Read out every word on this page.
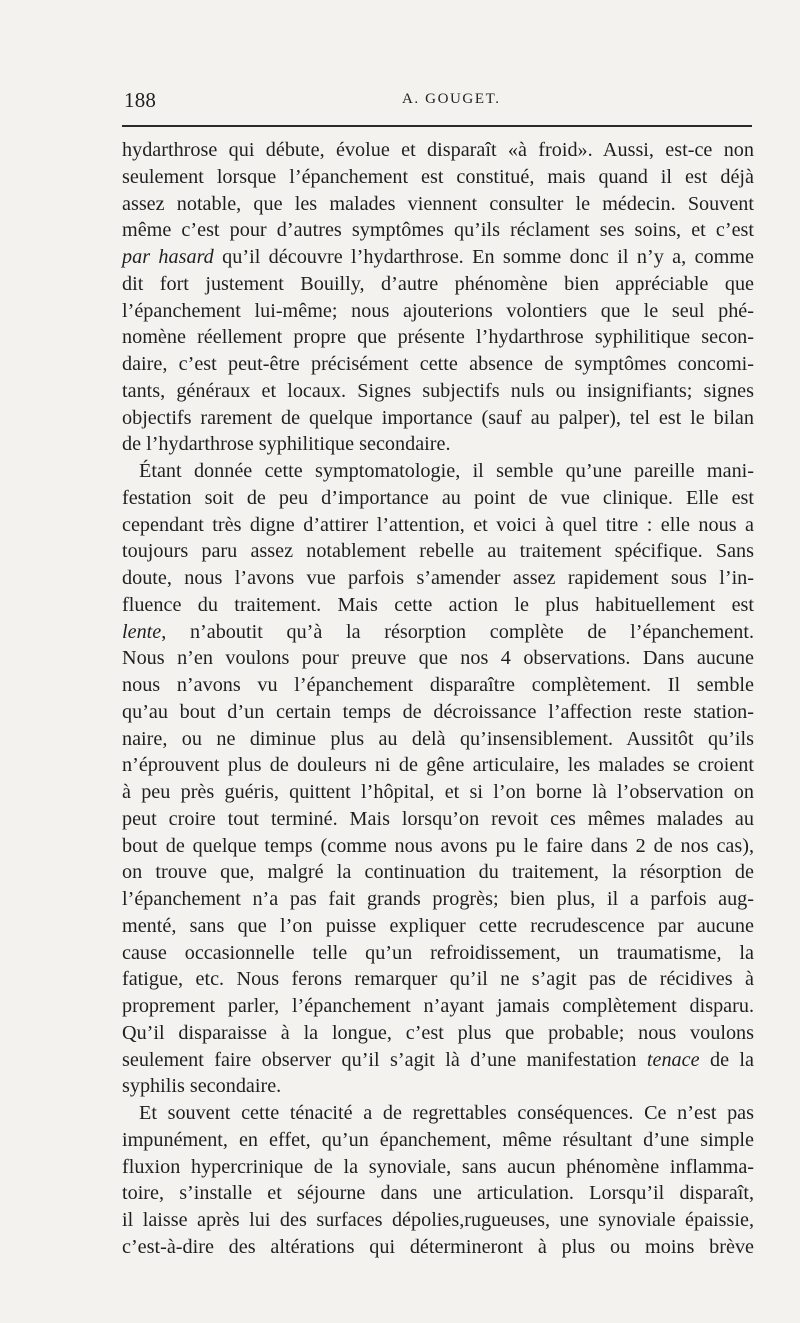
188	A. GOUGET.
hydarthrose qui débute, évolue et disparaît «à froid». Aussi, est-ce non
seulement lorsque l’épanchement est constitué, mais quand il est déjà
assez notable, que les malades viennent consulter le médecin. Souvent
même c’est pour d’autres symptômes qu’ils réclament ses soins, et c’est
par hasard qu’il découvre l’hydarthrose. En somme donc il n’y a, comme
dit fort justement Bouilly, d’autre phénomène bien appréciable que
l’épanchement lui-même; nous ajouterions volontiers que le seul phé-
nomène réellement propre que présente l’hydarthrose syphilitique secon-
daire, c’est peut-être précisément cette absence de symptômes concomi-
tants, généraux et locaux. Signes subjectifs nuls ou insignifiants; signes
objectifs rarement de quelque importance (sauf au palper), tel est le bilan
de l’hydarthrose syphilitique secondaire.
Étant donnée cette symptomatologie, il semble qu’une pareille mani-
festation soit de peu d’importance au point de vue clinique. Elle est
cependant très digne d’attirer l’attention, et voici à quel titre : elle nous a
toujours paru assez notablement rebelle au traitement spécifique. Sans
doute, nous l’avons vue parfois s’amender assez rapidement sous l’in-
fluence du traitement. Mais cette action le plus habituellement est
lente, n’aboutit qu’à la résorption complète de l’épanchement.
Nous n’en voulons pour preuve que nos 4 observations. Dans aucune
nous n’avons vu l’épanchement disparaître complètement. Il semble
qu’au bout d’un certain temps de décroissance l’affection reste station-
naire, ou ne diminue plus au delà qu’insensiblement. Aussitôt qu’ils
n’éprouvent plus de douleurs ni de gêne articulaire, les malades se croient
à peu près guéris, quittent l’hôpital, et si l’on borne là l’observation on
peut croire tout terminé. Mais lorsqu’on revoit ces mêmes malades au
bout de quelque temps (comme nous avons pu le faire dans 2 de nos cas),
on trouve que, malgré la continuation du traitement, la résorption de
l’épanchement n’a pas fait grands progrès; bien plus, il a parfois aug-
menté, sans que l’on puisse expliquer cette recrudescence par aucune
cause occasionnelle telle qu’un refroidissement, un traumatisme, la
fatigue, etc. Nous ferons remarquer qu’il ne s’agit pas de récidives à
proprement parler, l’épanchement n’ayant jamais complètement disparu.
Qu’il disparaisse à la longue, c’est plus que probable; nous voulons
seulement faire observer qu’il s’agit là d’une manifestation tenace de la
syphilis secondaire.
Et souvent cette ténacité a de regrettables conséquences. Ce n’est pas
impunément, en effet, qu’un épanchement, même résultant d’une simple
fluxion hypercrinique de la synoviale, sans aucun phénomène inflamma-
toire, s’installe et séjourne dans une articulation. Lorsqu’il disparaît,
il laisse après lui des surfaces dépolies,rugueuses, une synoviale épaissie,
c’est-à-dire des altérations qui détermineront à plus ou moins brève
